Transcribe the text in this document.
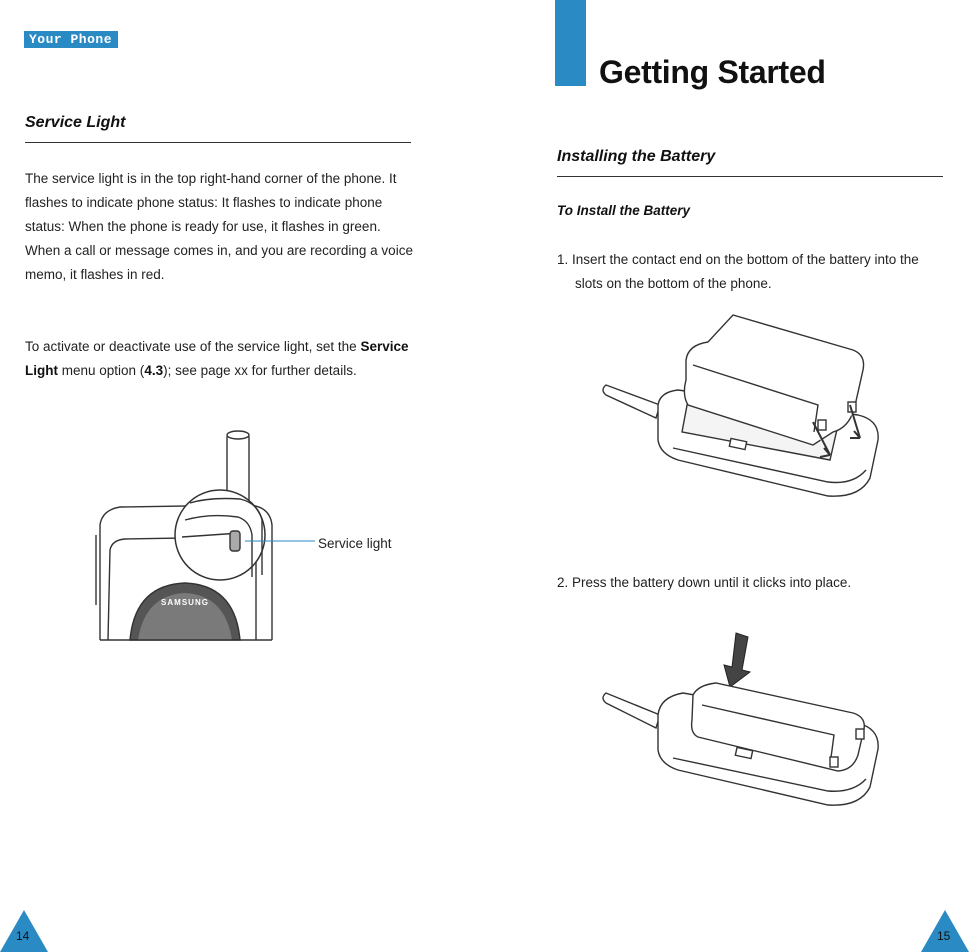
Your Phone
Service Light
The service light is in the top right-hand corner of the phone. It flashes to indicate phone status: It flashes to indicate phone status: When the phone is ready for use, it flashes in green. When a call or message comes in, and you are recording a voice memo, it flashes in red.
To activate or deactivate use of the service light, set the Service Light menu option (4.3); see page xx for further details.
SAMSUNG
Service light
14
Getting Started
Installing the Battery
To Install the Battery
1. Insert the contact end on the bottom of the battery into the slots on the bottom of the phone.
2. Press the battery down until it clicks into place.
15
